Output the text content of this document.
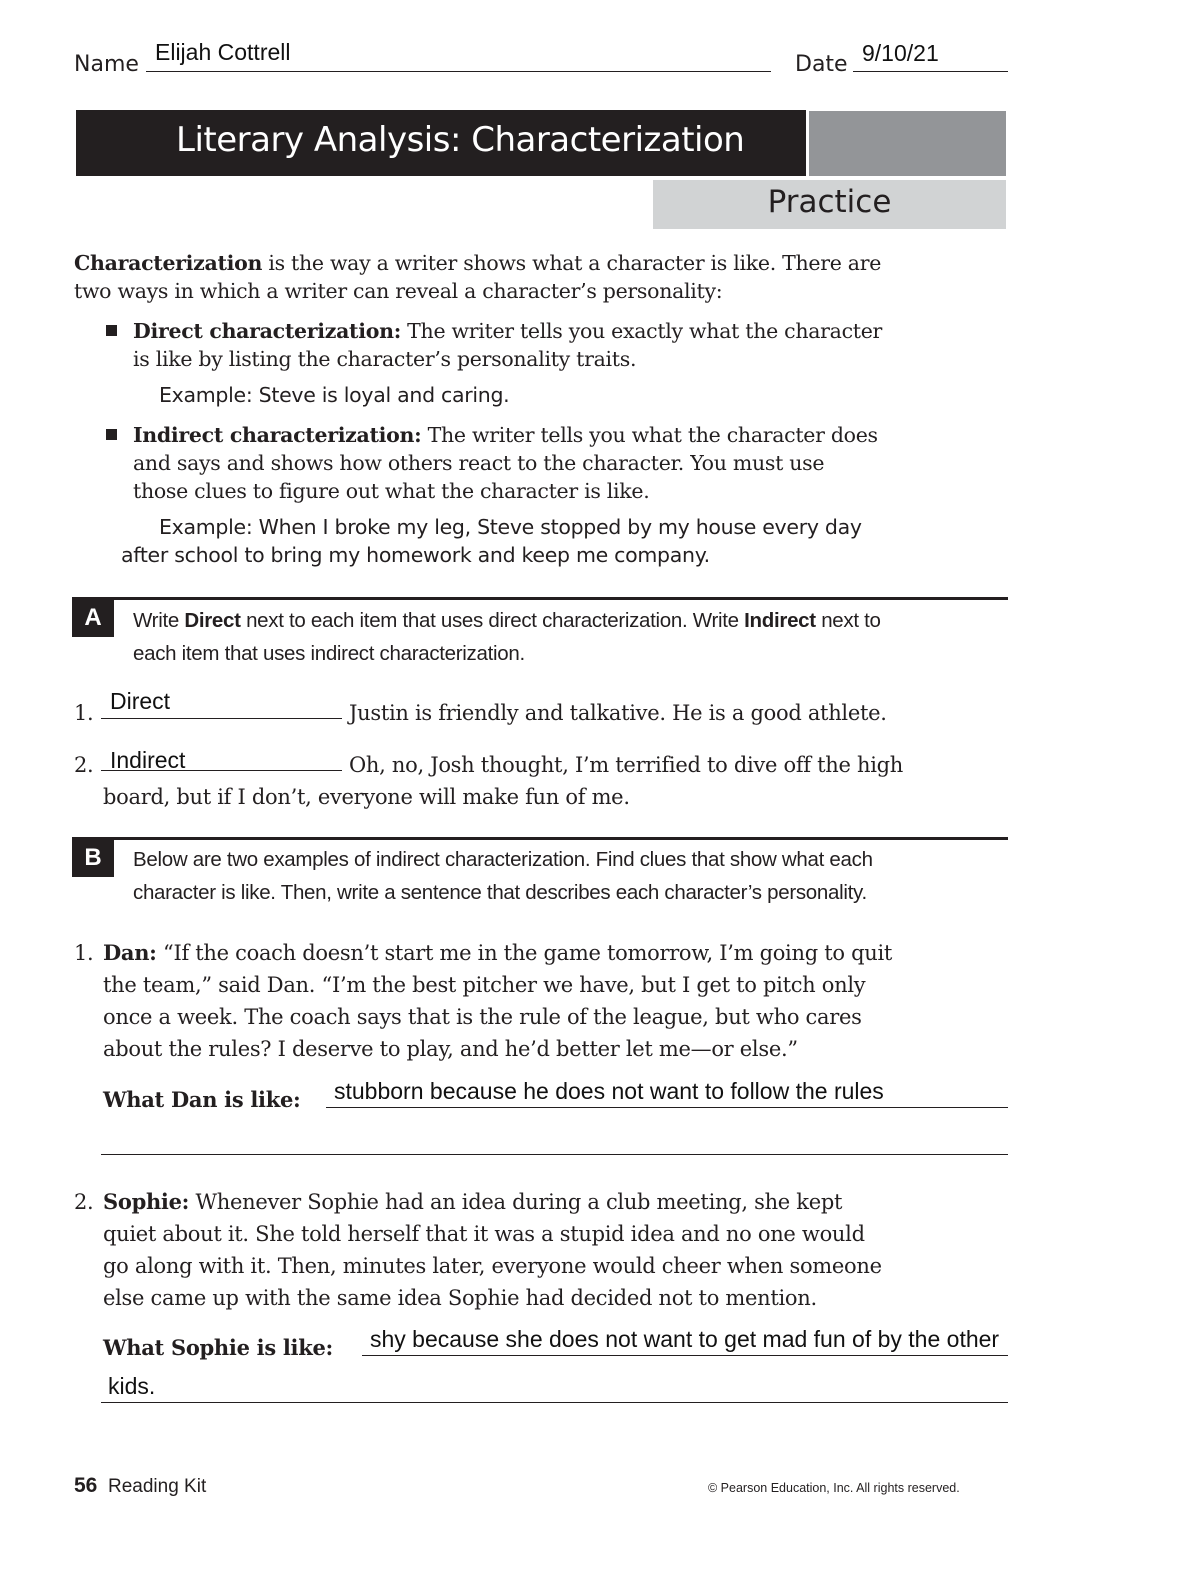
Name Elijah Cottrell	Date 9/10/21
Literary Analysis: Characterization
Practice
Characterization is the way a writer shows what a character is like. There are
two ways in which a writer can reveal a character’s personality:
Direct characterization: The writer tells you exactly what the character
is like by listing the character’s personality traits.
Example: Steve is loyal and caring.
Indirect characterization: The writer tells you what the character does
and says and shows how others react to the character. You must use
those clues to figure out what the character is like.
Example: When I broke my leg, Steve stopped by my house every day
after school to bring my homework and keep me company.
A	Write Direct next to each item that uses direct characterization. Write Indirect next to
each item that uses indirect characterization.
1. Direct	Justin is friendly and talkative. He is a good athlete.
2. Indirect	Oh, no, Josh thought, I’m terrified to dive off the high
board, but if I don’t, everyone will make fun of me.
B	Below are two examples of indirect characterization. Find clues that show what each
character is like. Then, write a sentence that describes each character’s personality.
1. Dan: “If the coach doesn’t start me in the game tomorrow, I’m going to quit
the team,” said Dan. “I’m the best pitcher we have, but I get to pitch only
once a week. The coach says that is the rule of the league, but who cares
about the rules? I deserve to play, and he’d better let me—or else.”
What Dan is like: stubborn because he does not want to follow the rules
2. Sophie: Whenever Sophie had an idea during a club meeting, she kept
quiet about it. She told herself that it was a stupid idea and no one would
go along with it. Then, minutes later, everyone would cheer when someone
else came up with the same idea Sophie had decided not to mention.
What Sophie is like: shy because she does not want to get mad fun of by the other
kids.
56 Reading Kit	© Pearson Education, Inc. All rights reserved.
